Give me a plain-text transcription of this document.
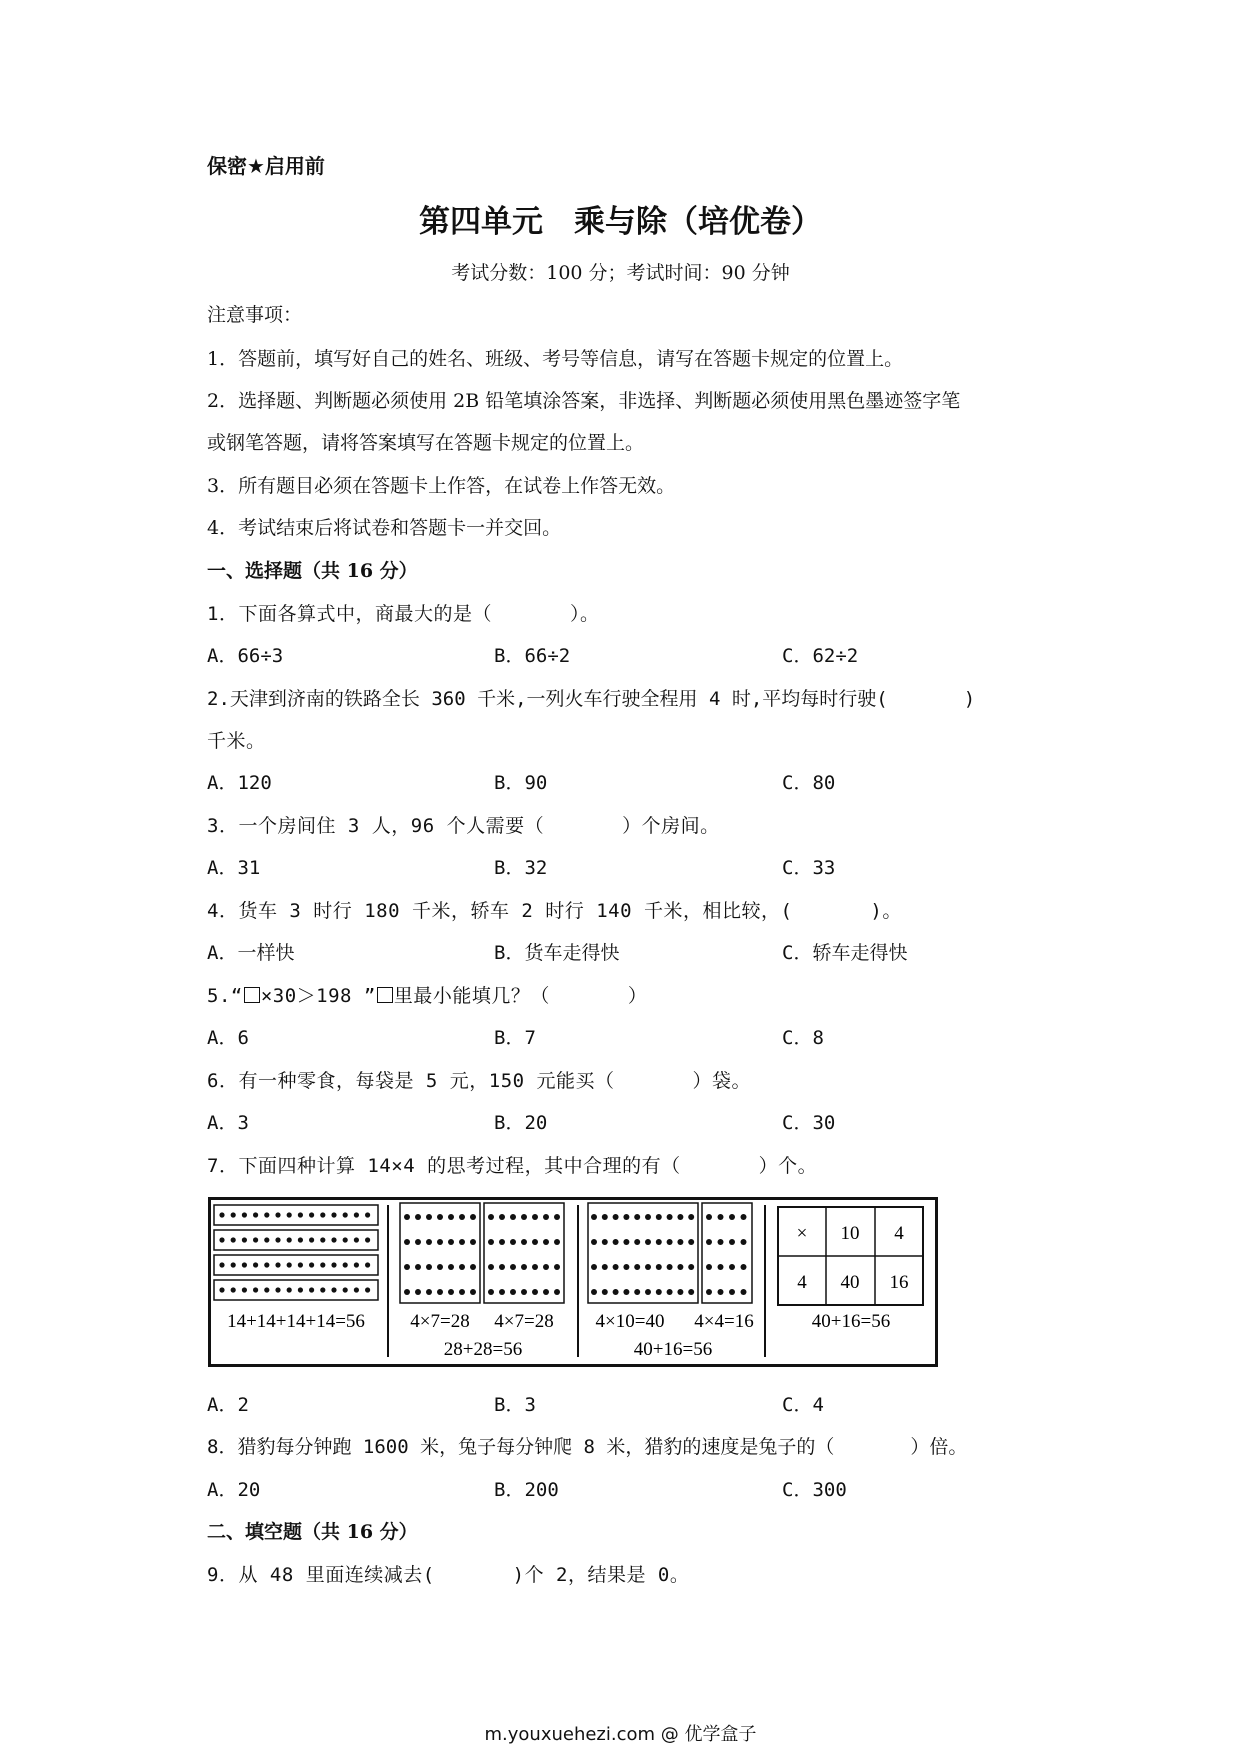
保密★启用前
第四单元　乘与除（培优卷）
考试分数：100 分；考试时间：90 分钟
注意事项：
1．答题前，填写好自己的姓名、班级、考号等信息，请写在答题卡规定的位置上。
2．选择题、判断题必须使用 2B 铅笔填涂答案，非选择、判断题必须使用黑色墨迹签字笔
或钢笔答题，请将答案填写在答题卡规定的位置上。
3．所有题目必须在答题卡上作答，在试卷上作答无效。
4．考试结束后将试卷和答题卡一并交回。
一、选择题（共 16 分）
1．下面各算式中，商最大的是（　　　　）。
A．66÷3	B．66÷2	C．62÷2
2.天津到济南的铁路全长 360 千米,一列火车行驶全程用 4 时,平均每时行驶(　　　　)
千米。
A．120	B．90	C．80
3．一个房间住 3 人，96 个人需要（　　　　）个房间。
A．31	B．32	C．33
4．货车 3 时行 180 千米，轿车 2 时行 140 千米，相比较，(　　　　)。
A．一样快	B．货车走得快	C．轿车走得快
5.“ ×30＞198 ” 里最小能填几？（　　　　）
A．6	B．7	C．8
6．有一种零食，每袋是 5 元，150 元能买（　　　　）袋。
A．3	B．20	C．30
7．下面四种计算 14×4 的思考过程，其中合理的有（　　　　）个。
14+14+14+14=56 4×7=28 4×7=28
28+28=56
4×10=40 4×4=16
40+16=56
× 10 4
4 40 16
40+16=56
A．2	B．3	C．4
8．猎豹每分钟跑 1600 米，兔子每分钟爬 8 米，猎豹的速度是兔子的（　　　　）倍。
A．20	B．200	C．300
二、填空题（共 16 分）
9．从 48 里面连续减去(　　　　)个 2，结果是 0。
m.youxuehezi.com @ 优学盒子
